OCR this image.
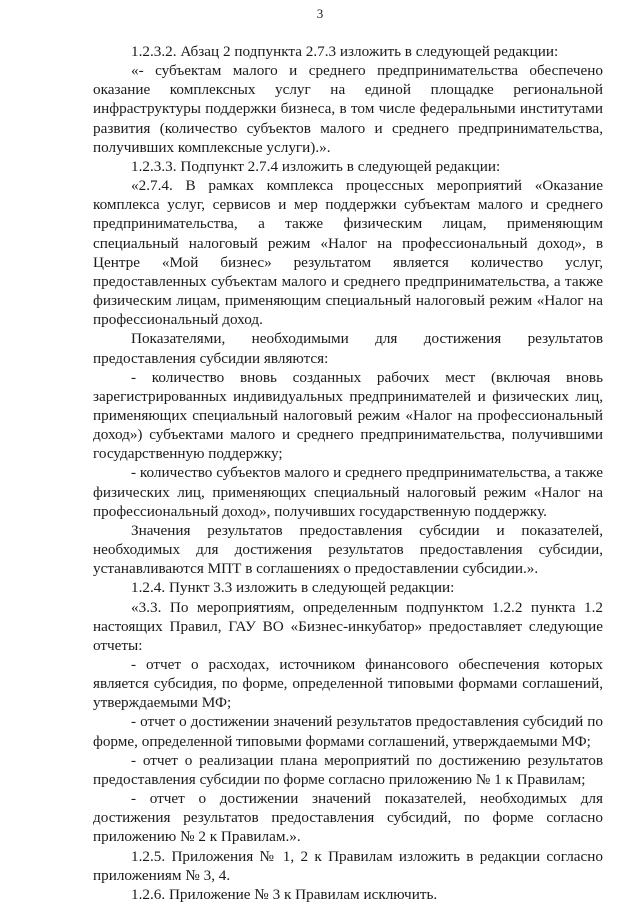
3

1.2.3.2. Абзац 2 подпункта 2.7.3 изложить в следующей редакции:

«- субъектам малого и среднего предпринимательства обеспечено оказание комплексных услуг на единой площадке региональной инфраструктуры поддержки бизнеса, в том числе федеральными институтами развития (количество субъектов малого и среднего предпринимательства, получивших комплексные услуги).».

1.2.3.3. Подпункт 2.7.4 изложить в следующей редакции:

«2.7.4. В рамках комплекса процессных мероприятий «Оказание комплекса услуг, сервисов и мер поддержки субъектам малого и среднего предпринимательства, а также физическим лицам, применяющим специальный налоговый режим «Налог на профессиональный доход», в Центре «Мой бизнес» результатом является количество услуг, предоставленных субъектам малого и среднего предпринимательства, а также физическим лицам, применяющим специальный налоговый режим «Налог на профессиональный доход.

Показателями, необходимыми для достижения результатов предоставления субсидии являются:

- количество вновь созданных рабочих мест (включая вновь зарегистрированных индивидуальных предпринимателей и физических лиц, применяющих специальный налоговый режим «Налог на профессиональный доход») субъектами малого и среднего предпринимательства, получившими государственную поддержку;

- количество субъектов малого и среднего предпринимательства, а также физических лиц, применяющих специальный налоговый режим «Налог на профессиональный доход», получивших государственную поддержку.

Значения результатов предоставления субсидии и показателей, необходимых для достижения результатов предоставления субсидии, устанавливаются МПТ в соглашениях о предоставлении субсидии.».

1.2.4. Пункт 3.3 изложить в следующей редакции:

«3.3. По мероприятиям, определенным подпунктом 1.2.2 пункта 1.2 настоящих Правил, ГАУ ВО «Бизнес-инкубатор» предоставляет следующие отчеты:

- отчет о расходах, источником финансового обеспечения которых является субсидия, по форме, определенной типовыми формами соглашений, утверждаемыми МФ;

- отчет о достижении значений результатов предоставления субсидий по форме, определенной типовыми формами соглашений, утверждаемыми МФ;

- отчет о реализации плана мероприятий по достижению результатов предоставления субсидии по форме согласно приложению № 1 к Правилам;

- отчет о достижении значений показателей, необходимых для достижения результатов предоставления субсидий, по форме согласно приложению № 2 к Правилам.».

1.2.5. Приложения № 1, 2 к Правилам изложить в редакции согласно приложениям № 3, 4.

1.2.6. Приложение № 3 к Правилам исключить.
